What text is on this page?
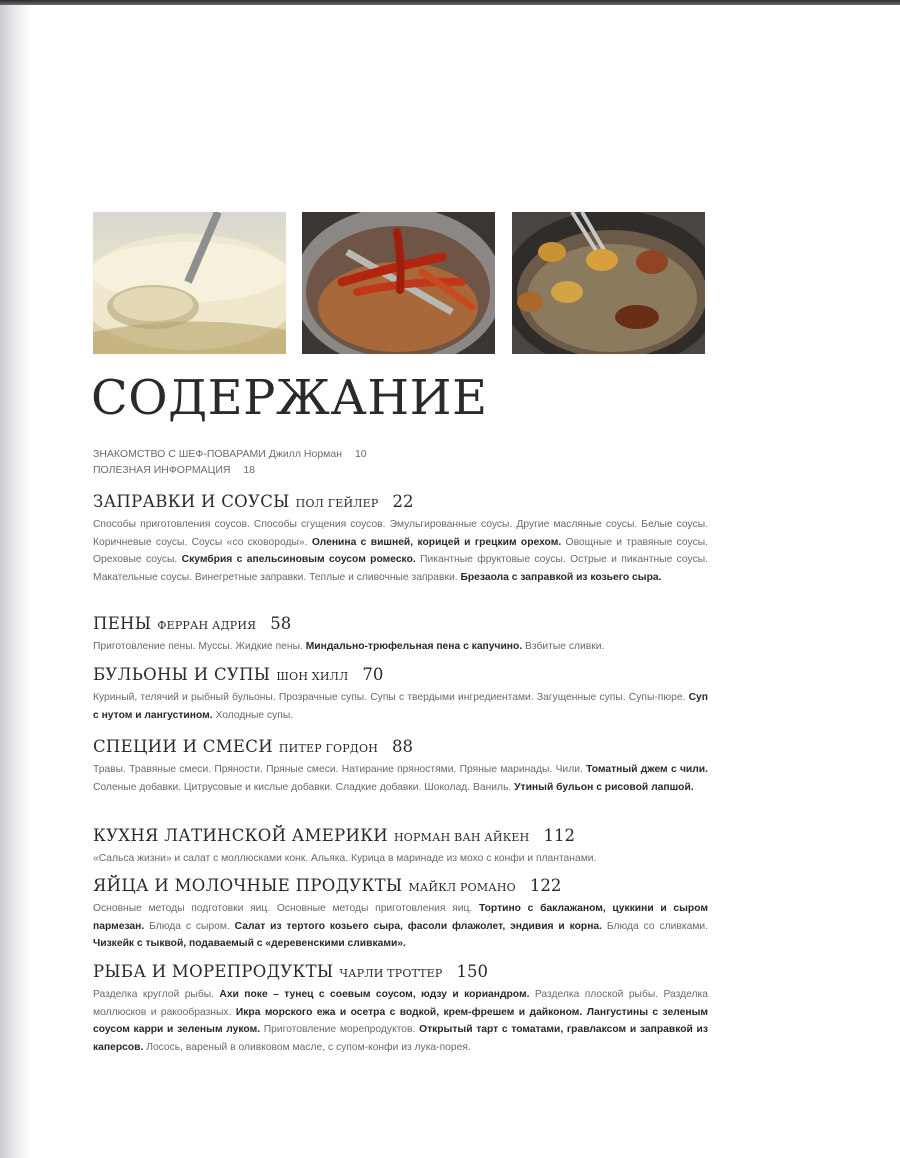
СОДЕРЖАНИЕ
ЗНАКОМСТВО С ШЕФ-ПОВАРАМИ Джилл Норман 10
ПОЛЕЗНАЯ ИНФОРМАЦИЯ 18
ЗАПРАВКИ И СОУСЫ ПОЛ ГЕЙЛЕР 22
Способы приготовления соусов. Способы сгущения соусов. Эмульгированные соусы. Другие масляные соусы. Белые соусы. Коричневые соусы. Соусы «со сковороды». Оленина с вишней, корицей и грецким орехом. Овощные и травяные соусы. Ореховые соусы. Скумбрия с апельсиновым соусом ромеско. Пикантные фруктовые соусы. Острые и пикантные соусы. Макательные соусы. Винегретные заправки. Теплые и сливочные заправки. Брезаола с заправкой из козьего сыра.
ПЕНЫ ФЕРРАН АДРИЯ 58
Приготовление пены. Муссы. Жидкие пены. Миндально-трюфельная пена с капучино. Взбитые сливки.
БУЛЬОНЫ И СУПЫ ШОН ХИЛЛ 70
Куриный, телячий и рыбный бульоны. Прозрачные супы. Супы с твердыми ингредиентами. Загущенные супы. Супы-пюре. Суп с нутом и лангустином. Холодные супы.
СПЕЦИИ И СМЕСИ ПИТЕР ГОРДОН 88
Травы. Травяные смеси. Пряности. Пряные смеси. Натирание пряностями. Пряные маринады. Чили. Томатный джем с чили. Соленые добавки. Цитрусовые и кислые добавки. Сладкие добавки. Шоколад. Ваниль. Утиный бульон с рисовой лапшой.
КУХНЯ ЛАТИНСКОЙ АМЕРИКИ НОРМАН ВАН АЙКЕН 112
«Сальса жизни» и салат с моллюсками конк. Альяка. Курица в маринаде из мохо с конфи и плантанами.
ЯЙЦА И МОЛОЧНЫЕ ПРОДУКТЫ МАЙКЛ РОМАНО 122
Основные методы подготовки яиц. Основные методы приготовления яиц. Тортино с баклажаном, цуккини и сыром пармезан. Блюда с сыром. Салат из тертого козьего сыра, фасоли флажолет, эндивия и корна. Блюда со сливками. Чизкейк с тыквой, подаваемый с «деревенскими сливками».
РЫБА И МОРЕПРОДУКТЫ ЧАРЛИ ТРОТТЕР 150
Разделка круглой рыбы. Ахи поке – тунец с соевым соусом, юдзу и кориандром. Разделка плоской рыбы. Разделка моллюсков и ракообразных. Икра морского ежа и осетра с водкой, крем-фрешем и дайконом. Лангустины с зеленым соусом карри и зеленым луком. Приготовление морепродуктов. Открытый тарт с томатами, гравлаксом и заправкой из каперсов. Лосось, вареный в оливковом масле, с супом-конфи из лука-порея.
